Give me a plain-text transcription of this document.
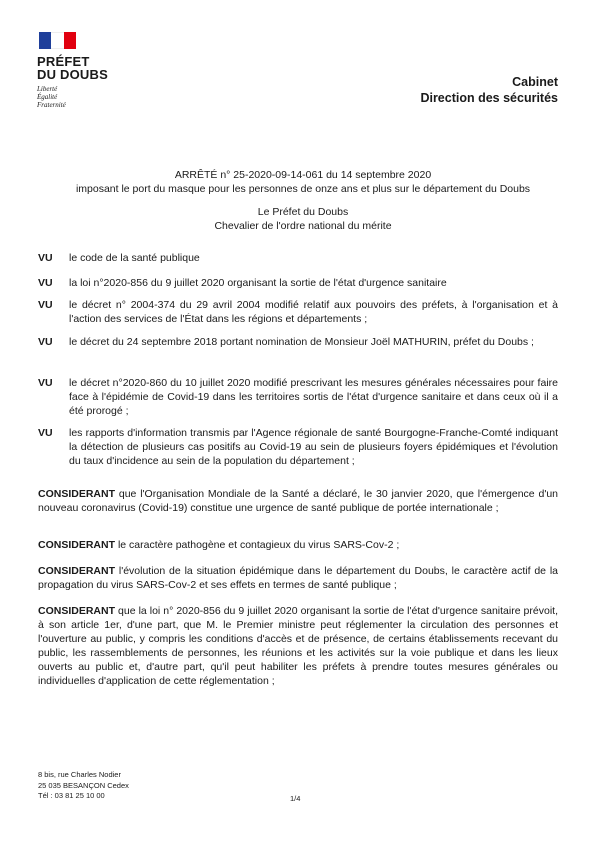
PRÉFET
DU DOUBS
Liberté
Égalité
Fraternité
Cabinet
Direction des sécurités
ARRÊTÉ n° 25-2020-09-14-061 du 14 septembre 2020
imposant le port du masque pour les personnes de onze ans et plus sur le département du Doubs
Le Préfet du Doubs
Chevalier de l'ordre national du mérite
VU le code de la santé publique
VU la loi n°2020-856 du 9 juillet 2020 organisant la sortie de l'état d'urgence sanitaire
VU le décret n° 2004-374 du 29 avril 2004 modifié relatif aux pouvoirs des préfets, à l'organisation et à l'action des services de l'État dans les régions et départements ;
VU le décret du 24 septembre 2018 portant nomination de Monsieur Joël MATHURIN, préfet du Doubs ;
VU le décret n°2020-860 du 10 juillet 2020 modifié prescrivant les mesures générales nécessaires pour faire face à l'épidémie de Covid-19 dans les territoires sortis de l'état d'urgence sanitaire et dans ceux où il a été prorogé ;
VU les rapports d'information transmis par l'Agence régionale de santé Bourgogne-Franche-Comté indiquant la détection de plusieurs cas positifs au Covid-19 au sein de plusieurs foyers épidémiques et l'évolution du taux d'incidence au sein de la population du département ;
CONSIDERANT que l'Organisation Mondiale de la Santé a déclaré, le 30 janvier 2020, que l'émergence d'un nouveau coronavirus (Covid-19) constitue une urgence de santé publique de portée internationale ;
CONSIDERANT le caractère pathogène et contagieux du virus SARS-Cov-2 ;
CONSIDERANT l'évolution de la situation épidémique dans le département du Doubs, le caractère actif de la propagation du virus SARS-Cov-2 et ses effets en termes de santé publique ;
CONSIDERANT que la loi n° 2020-856 du 9 juillet 2020 organisant la sortie de l'état d'urgence sanitaire prévoit, à son article 1er, d'une part, que M. le Premier ministre peut réglementer la circulation des personnes et l'ouverture au public, y compris les conditions d'accès et de présence, de certains établissements recevant du public, les rassemblements de personnes, les réunions et les activités sur la voie publique et dans les lieux ouverts au public et, d'autre part, qu'il peut habiliter les préfets à prendre toutes mesures générales ou individuelles d'application de cette réglementation ;
8 bis, rue Charles Nodier
25 035 BESANÇON Cedex
Tél : 03 81 25 10 00	1/4
